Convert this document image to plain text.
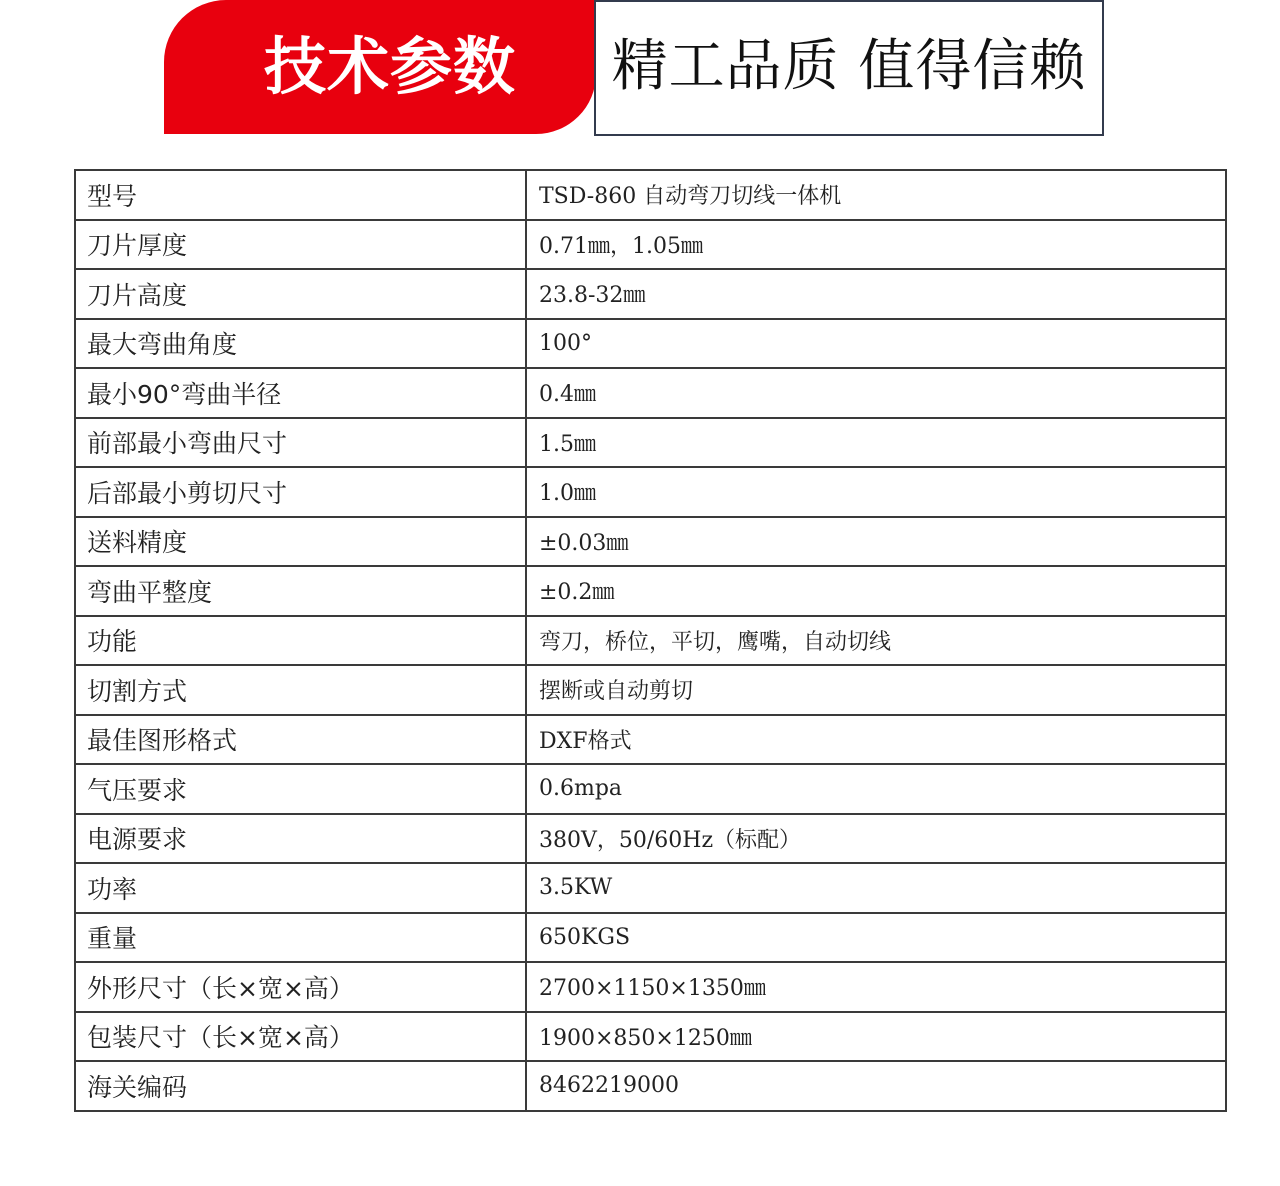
技术参数	精工品质 值得信赖
型号	TSD-860 自动弯刀切线一体机
刀片厚度	0.71㎜，1.05㎜
刀片高度	23.8-32㎜
最大弯曲角度	100°
最小90°弯曲半径	0.4㎜
前部最小弯曲尺寸	1.5㎜
后部最小剪切尺寸	1.0㎜
送料精度	±0.03㎜
弯曲平整度	±0.2㎜
功能	弯刀，桥位，平切，鹰嘴，自动切线
切割方式	摆断或自动剪切
最佳图形格式	DXF格式
气压要求	0.6mpa
电源要求	380V，50/60Hz（标配）
功率	3.5KW
重量	650KGS
外形尺寸（长×宽×高）	2700×1150×1350㎜
包装尺寸（长×宽×高）	1900×850×1250㎜
海关编码	8462219000
